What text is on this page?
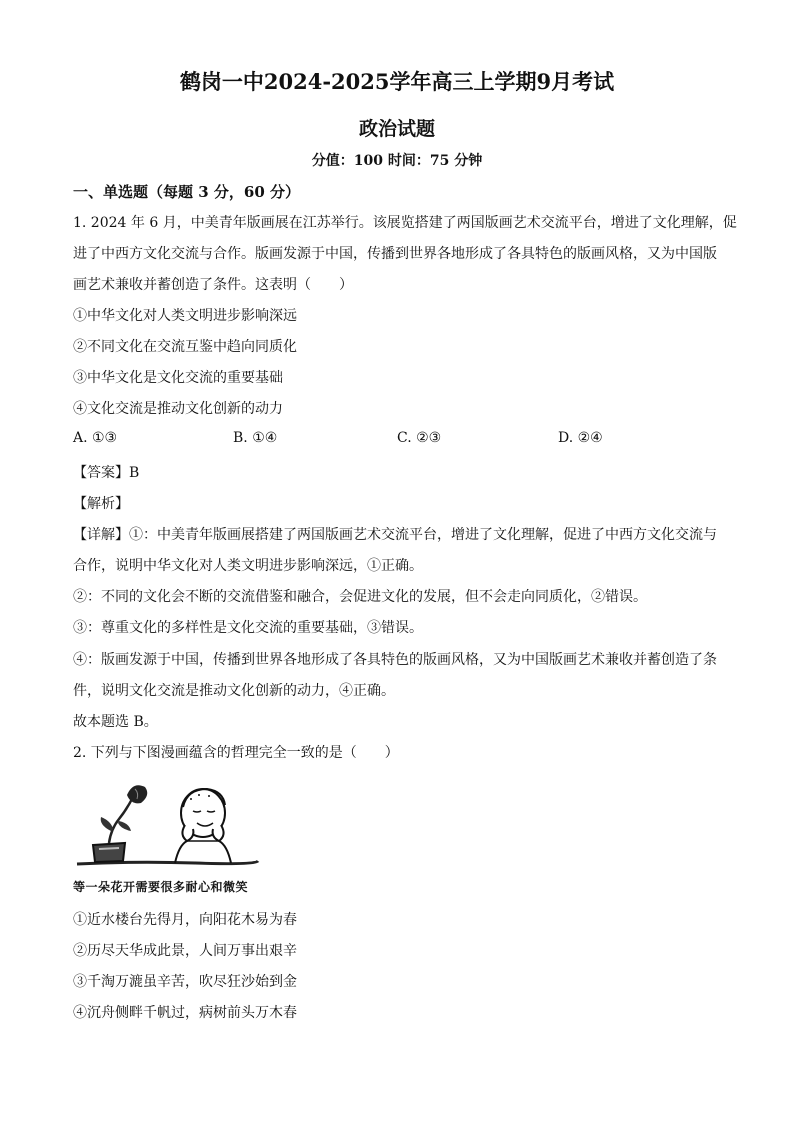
鹤岗一中2024-2025学年高三上学期9月考试
政治试题
分值：100 时间：75 分钟
一、单选题（每题 3 分，60 分）
1. 2024 年 6 月，中美青年版画展在江苏举行。该展览搭建了两国版画艺术交流平台，增进了文化理解，促
进了中西方文化交流与合作。版画发源于中国，传播到世界各地形成了各具特色的版画风格，又为中国版
画艺术兼收并蓄创造了条件。这表明（　　）
①中华文化对人类文明进步影响深远
②不同文化在交流互鉴中趋向同质化
③中华文化是文化交流的重要基础
④文化交流是推动文化创新的动力
A. ①③	B. ①④	C. ②③	D. ②④
【答案】B
【解析】
【详解】①：中美青年版画展搭建了两国版画艺术交流平台，增进了文化理解，促进了中西方文化交流与
合作，说明中华文化对人类文明进步影响深远，①正确。
②：不同的文化会不断的交流借鉴和融合，会促进文化的发展，但不会走向同质化，②错误。
③：尊重文化的多样性是文化交流的重要基础，③错误。
④：版画发源于中国，传播到世界各地形成了各具特色的版画风格，又为中国版画艺术兼收并蓄创造了条
件，说明文化交流是推动文化创新的动力，④正确。
故本题选 B。
2. 下列与下图漫画蕴含的哲理完全一致的是（　　）
等一朵花开需要很多耐心和微笑
①近水楼台先得月，向阳花木易为春
②历尽天华成此景，人间万事出艰辛
③千淘万漉虽辛苦，吹尽狂沙始到金
④沉舟侧畔千帆过，病树前头万木春
